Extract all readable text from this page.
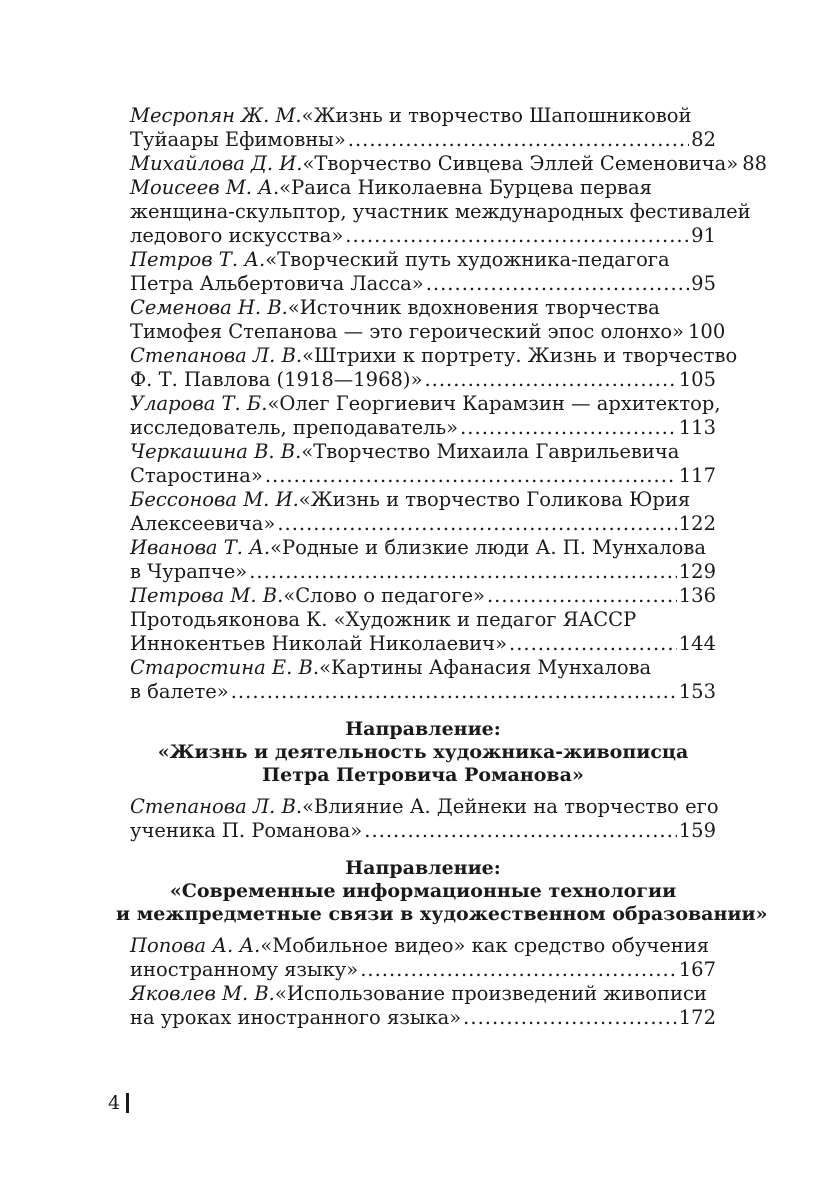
Месропян Ж. М. «Жизнь и творчество Шапошниковой
Туйаары Ефимовны» .....	82
Михайлова Д. И. «Творчество Сивцева Эллей Семеновича» 88
Моисеев М. А. «Раиса Николаевна Бурцева первая
женщина-скульптор, участник международных фестивалей
ледового искусства» .....	91
Петров Т. А. «Творческий путь художника-педагога
Петра Альбертовича Ласса» .....	95
Семенова Н. В. «Источник вдохновения творчества
Тимофея Степанова — это героический эпос олонхо» 100
Степанова Л. В. «Штрихи к портрету. Жизнь и творчество
Ф. Т. Павлова (1918—1968)» .....	105
Уларова Т. Б. «Олег Георгиевич Карамзин — архитектор,
исследователь, преподаватель» .....	113
Черкашина В. В. «Творчество Михаила Гаврильевича
Старостина» .....	117
Бессонова М. И. «Жизнь и творчество Голикова Юрия
Алексеевича» .....	122
Иванова Т. А. «Родные и близкие люди А. П. Мунхалова
в Чурапче» .....	129
Петрова М. В. «Слово о педагоге» .....	136
Протодьяконова К. «Художник и педагог ЯАССР
Иннокентьев Николай Николаевич» .....	144
Старостина Е. В. «Картины Афанасия Мунхалова
в балете» .....	153
Направление:
«Жизнь и деятельность художника-живописца
Петра Петровича Романова»
Степанова Л. В. «Влияние А. Дейнеки на творчество его
ученика П. Романова» .....	159
Направление:
«Современные информационные технологии
и межпредметные связи в художественном образовании»
Попова А. А. «Мобильное видео» как средство обучения
иностранному языку» .....	167
Яковлев М. В. «Использование произведений живописи
на уроках иностранного языка» .....	172
4
